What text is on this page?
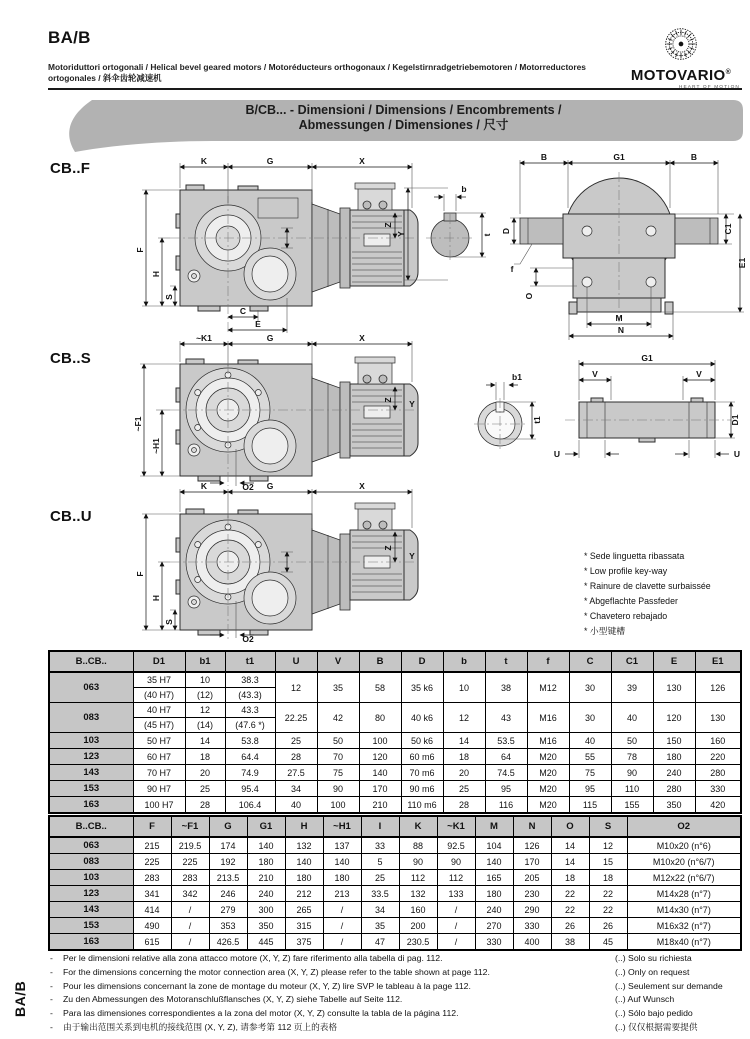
BA/B
Motoriduttori ortogonali / Helical bevel geared motors / Motoréducteurs orthogonaux / Kegelstirnradgetriebemotoren / Motorreductores ortogonales / 斜伞齿轮减速机	MOTOVARIO®
B/CB... - Dimensioni / Dimensions / Encombrements /
Abmessungen / Dimensiones / 尺寸
CB..F	K	G	X
F
H
S
C
E
Z
b
Y	t
B	G1	B
D
f
O
C1
E1
M
N
CB..S
~K1	G	X
~F1
~H1
Z Y
O2
b1
t1
G1
V	V
D1
U	U
CB..U
K	G	X
F
H
S
Z
Y
O2
* Sede linguetta ribassata
* Low profile key-way
* Rainure de clavette surbaissée
* Abgeflachte Passfeder
* Chavetero rebajado
* 小型键槽
B..CB..	D1	b1	t1	U	V	B	D	b	t	f	C	C1	E	E1
063	35 H7	10	38.3	12	35	58	35 k6	10	38	M12	30	39	130	126
	(40 H7)	(12)	(43.3)											
083	40 H7	12	43.3	22.25	42	80	40 k6	12	43	M16	30	40	120	130
	(45 H7)	(14)	(47.6 *)											
103	50 H7	14	53.8	25	50	100	50 k6	14	53.5	M16	40	50	150	160
123	60 H7	18	64.4	28	70	120	60 m6	18	64	M20	55	78	180	220
143	70 H7	20	74.9	27.5	75	140	70 m6	20	74.5	M20	75	90	240	280
153	90 H7	25	95.4	34	90	170	90 m6	25	95	M20	95	110	280	330
163	100 H7	28	106.4	40	100	210	110 m6	28	116	M20	115	155	350	420
B..CB..	F	~F1	G	G1	H	~H1	I	K	~K1	M	N	O	S	O2
063	215	219.5	174	140	132	137	33	88	92.5	104	126	14	12	M10x20 (n°6)
083	225	225	192	180	140	140	5	90	90	140	170	14	15	M10x20 (n°6/7)
103	283	283	213.5	210	180	180	25	112	112	165	205	18	18	M12x22 (n°6/7)
123	341	342	246	240	212	213	33.5	132	133	180	230	22	22	M14x28 (n°7)
143	414	/	279	300	265	/	34	160	/	240	290	22	22	M14x30 (n°7)
153	490	/	353	350	315	/	35	200	/	270	330	26	26	M16x32 (n°7)
163	615	/	426.5	445	375	/	47	230.5	/	330	400	38	45	M18x40 (n°7)
-	Per le dimensioni relative alla zona attacco motore (X, Y, Z) fare riferimento alla tabella di pag. 112.
-	For the dimensions concerning the motor connection area (X, Y, Z) please refer to the table shown at page 112.
-	Pour les dimensions concernant la zone de montage du moteur (X, Y, Z) lire SVP le tableau à la page 112.
-	Zu den Abmessungen des Motoranschlußflansches (X, Y, Z) siehe Tabelle auf Seite 112.
-	Para las dimensiones correspondientes a la zona del motor (X, Y, Z) consulte la tabla de la página 112.
-	由于输出范围关系到电机的接线范围 (X, Y, Z), 请参考第 112 页上的表格
(..) Solo su richiesta
(..) Only on request
(..) Seulement sur demande
(..) Auf Wunsch
(..) Sólo bajo pedido
(..) 仅仅根据需要提供
BA/B
